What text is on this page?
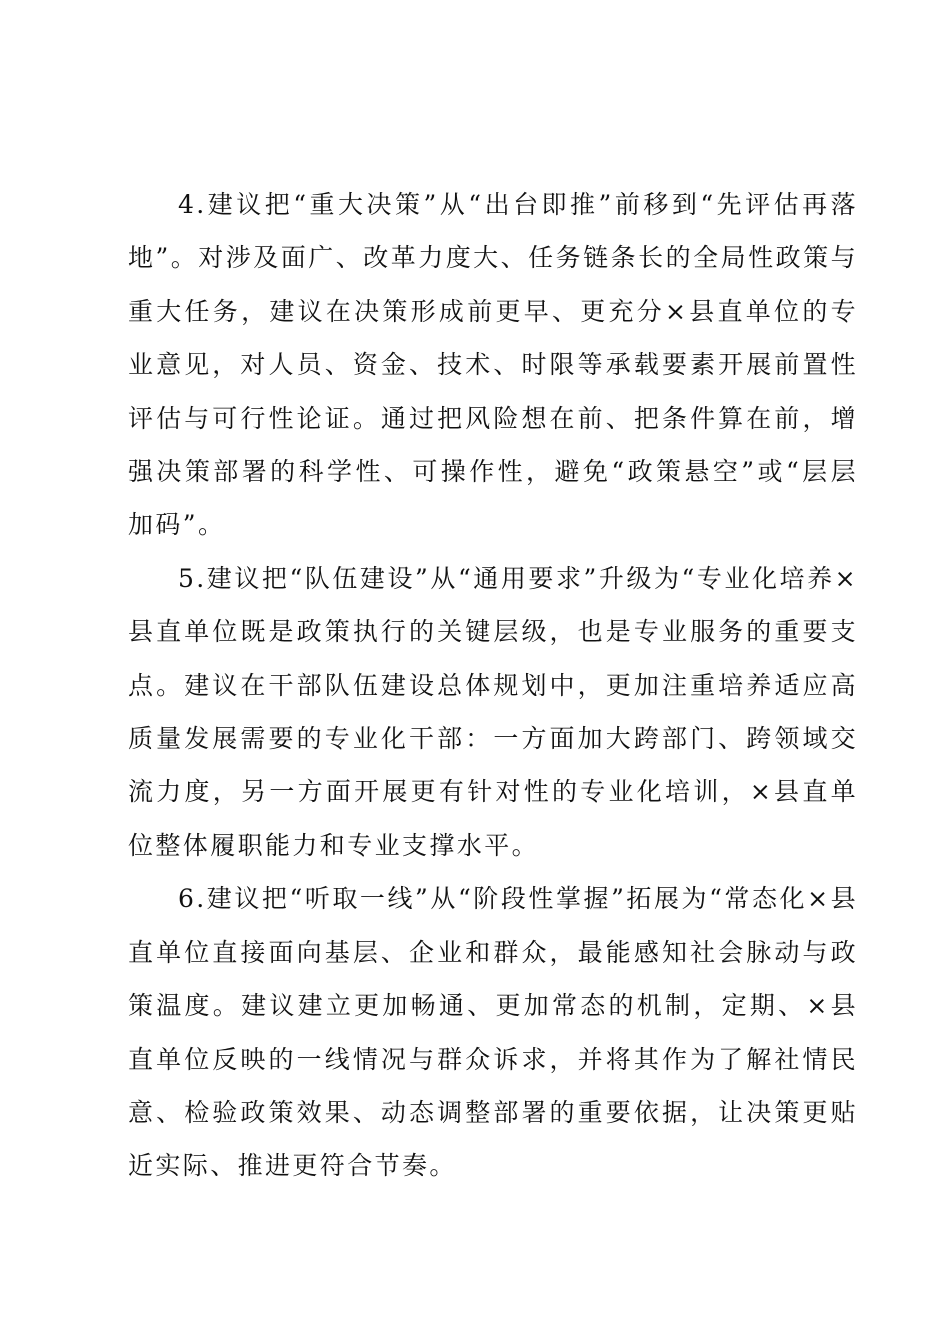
4.建议把“重大决策”从“出台即推”前移到“先评估再落地”。对涉及面广、改革力度大、任务链条长的全局性政策与重大任务，建议在决策形成前更早、更充分×县直单位的专业意见，对人员、资金、技术、时限等承载要素开展前置性评估与可行性论证。通过把风险想在前、把条件算在前，增强决策部署的科学性、可操作性，避免“政策悬空”或“层层加码”。

5.建议把“队伍建设”从“通用要求”升级为“专业化培养×县直单位既是政策执行的关键层级，也是专业服务的重要支点。建议在干部队伍建设总体规划中，更加注重培养适应高质量发展需要的专业化干部：一方面加大跨部门、跨领域交流力度，另一方面开展更有针对性的专业化培训，×县直单位整体履职能力和专业支撑水平。

6.建议把“听取一线”从“阶段性掌握”拓展为“常态化×县直单位直接面向基层、企业和群众，最能感知社会脉动与政策温度。建议建立更加畅通、更加常态的机制，定期、×县直单位反映的一线情况与群众诉求，并将其作为了解社情民意、检验政策效果、动态调整部署的重要依据，让决策更贴近实际、推进更符合节奏。
